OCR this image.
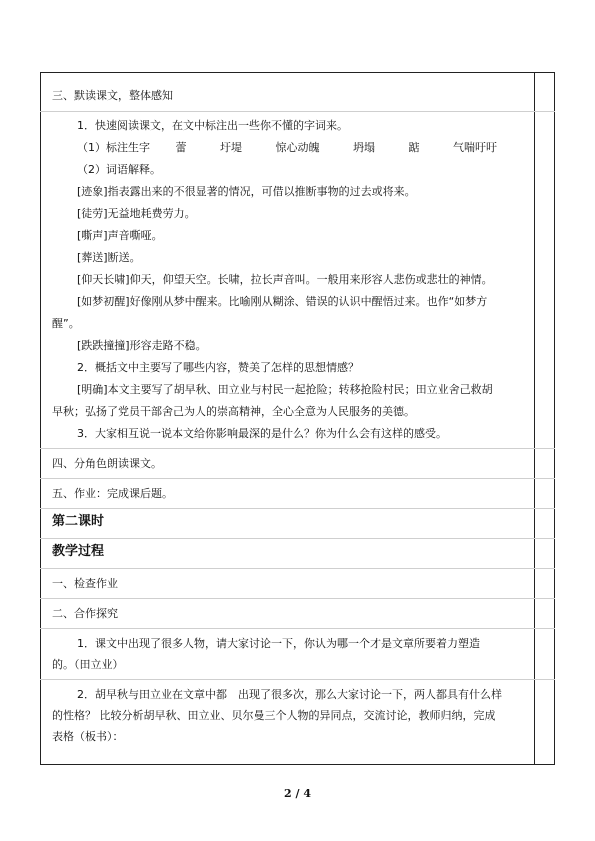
三、默读课文，整体感知
1．快速阅读课文，在文中标注出一些你不懂的字词来。
（1）标注生字 蕾	圩堤	惊心动魄	坍塌	踮	气喘吁吁
（2）词语解释。
[迹象]指表露出来的不很显著的情况，可借以推断事物的过去或将来。
[徒劳]无益地耗费劳力。
[嘶声]声音嘶哑。
[葬送]断送。
[仰天长啸]仰天，仰望天空。长啸，拉长声音叫。一般用来形容人悲伤或悲壮的神情。
[如梦初醒]好像刚从梦中醒来。比喻刚从糊涂、错误的认识中醒悟过来。也作“如梦方
醒”。
[跌跌撞撞]形容走路不稳。
2．概括文中主要写了哪些内容，赞美了怎样的思想情感？
[明确]本文主要写了胡早秋、田立业与村民一起抢险；转移抢险村民；田立业舍己救胡
早秋；弘扬了党员干部舍己为人的崇高精神，全心全意为人民服务的美德。
3．大家相互说一说本文给你影响最深的是什么？你为什么会有这样的感受。
四、分角色朗读课文。
五、作业：完成课后题。
第二课时
教学过程
一、检查作业
二、合作探究
1．课文中出现了很多人物，请大家讨论一下，你认为哪一个才是文章所要着力塑造
的。（田立业）
2．胡早秋与田立业在文章中都　出现了很多次，那么大家讨论一下，两人都具有什么样
的性格？ 比较分析胡早秋、田立业、贝尔曼三个人物的异同点，交流讨论，教师归纳，完成
表格（板书）：
2 / 4
